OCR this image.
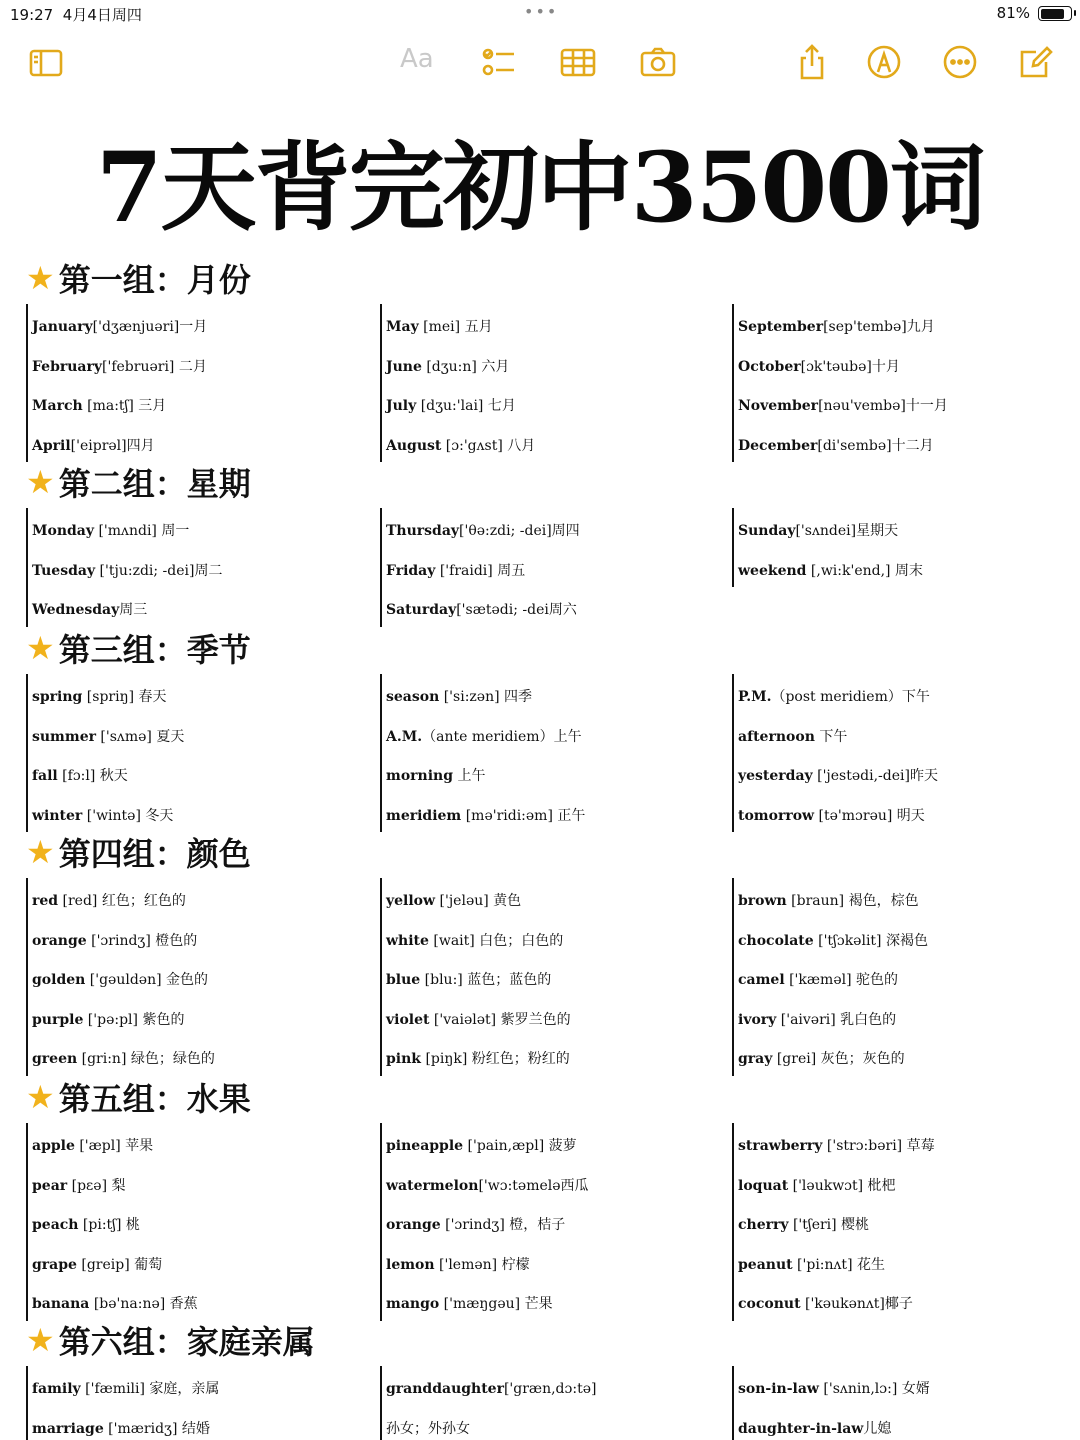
19:27 4月4日周四	•••	81%
Aa
7天背完初中3500词
★ 第一组：月份
January['dʒænjuəri]一月
February['februəri] 二月
March [ma:tʃ] 三月
April['eiprəl]四月
May [mei] 五月
June [dʒu:n] 六月
July [dʒu:'lai] 七月
August [ɔ:'gʌst] 八月
September[sep'tembə]九月
October[ɔk'təubə]十月
November[nəu'vembə]十一月
December[di'sembə]十二月
★ 第二组：星期
Monday ['mʌndi] 周一
Tuesday ['tju:zdi; -dei]周二
Wednesday周三
Thursday['θə:zdi; -dei]周四
Friday ['fraidi] 周五
Saturday['sætədi; -dei周六
Sunday['sʌndei]星期天
weekend [,wi:k'end,] 周末
★ 第三组：季节
spring [spriŋ] 春天
summer ['sʌmə] 夏天
fall [fɔ:l] 秋天
winter ['wintə] 冬天
season ['si:zən] 四季
A.M.（ante meridiem）上午
morning 上午
meridiem [mə'ridi:əm] 正午
P.M.（post meridiem）下午
afternoon 下午
yesterday ['jestədi,-dei]昨天
tomorrow [tə'mɔrəu] 明天
★ 第四组：颜色
red [red] 红色；红色的
orange ['ɔrindʒ] 橙色的
golden ['gəuldən] 金色的
purple ['pə:pl] 紫色的
green [gri:n] 绿色；绿色的
yellow ['jeləu] 黄色
white [wait] 白色；白色的
blue [blu:] 蓝色；蓝色的
violet ['vaiələt] 紫罗兰色的
pink [piŋk] 粉红色；粉红的
brown [braun] 褐色，棕色
chocolate ['tʃɔkəlit] 深褐色
camel ['kæməl] 驼色的
ivory ['aivəri] 乳白色的
gray [grei] 灰色；灰色的
★ 第五组：水果
apple ['æpl] 苹果
pear [pɛə] 梨
peach [pi:tʃ] 桃
grape [greip] 葡萄
banana [bə'na:nə] 香蕉
pineapple ['pain,æpl] 菠萝
watermelon['wɔ:təmelə西瓜
orange ['ɔrindʒ] 橙，桔子
lemon ['lemən] 柠檬
mango ['mæŋgəu] 芒果
strawberry ['strɔ:bəri] 草莓
loquat ['ləukwɔt] 枇杷
cherry ['tʃeri] 樱桃
peanut ['pi:nʌt] 花生
coconut ['kəukənʌt]椰子
★ 第六组：家庭亲属
family ['fæmili] 家庭，亲属
marriage ['mæridʒ] 结婚
granddaughter['græn,dɔ:tə]
孙女；外孙女
son-in-law ['sʌnin,lɔ:] 女婿
daughter-in-law儿媳
